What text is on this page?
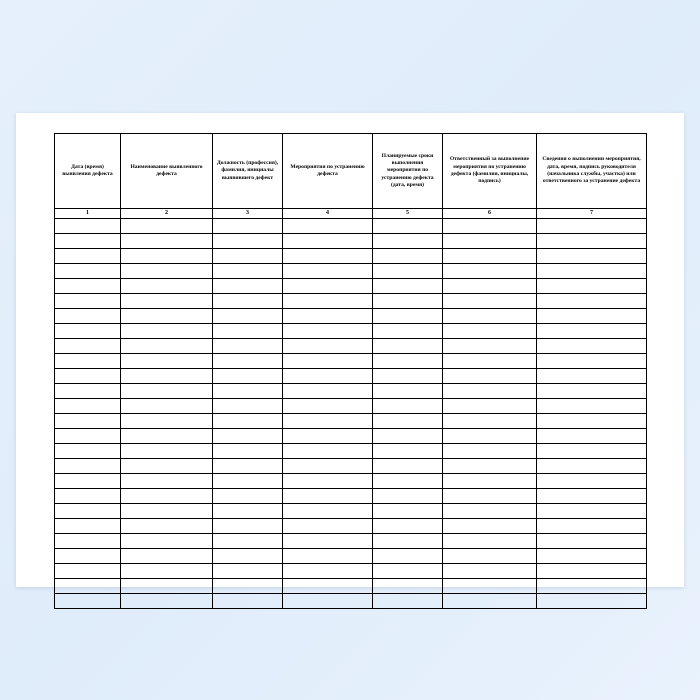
Дата (время) выявления дефекта	Наименование выявленного дефекта	Должность (профессия), фамилия, инициалы выявившего дефект	Мероприятия по устранению дефекта	Планируемые сроки выполнения мероприятия по устранению дефекта (дата, время)	Ответственный за выполнение мероприятия по устранению дефекта (фамилия, инициалы, подпись)	Сведения о выполнении мероприятия, дата, время, подпись руководителя (начальника службы, участка) или ответственного за устранение дефекта
1	2	3	4	5	6	7
